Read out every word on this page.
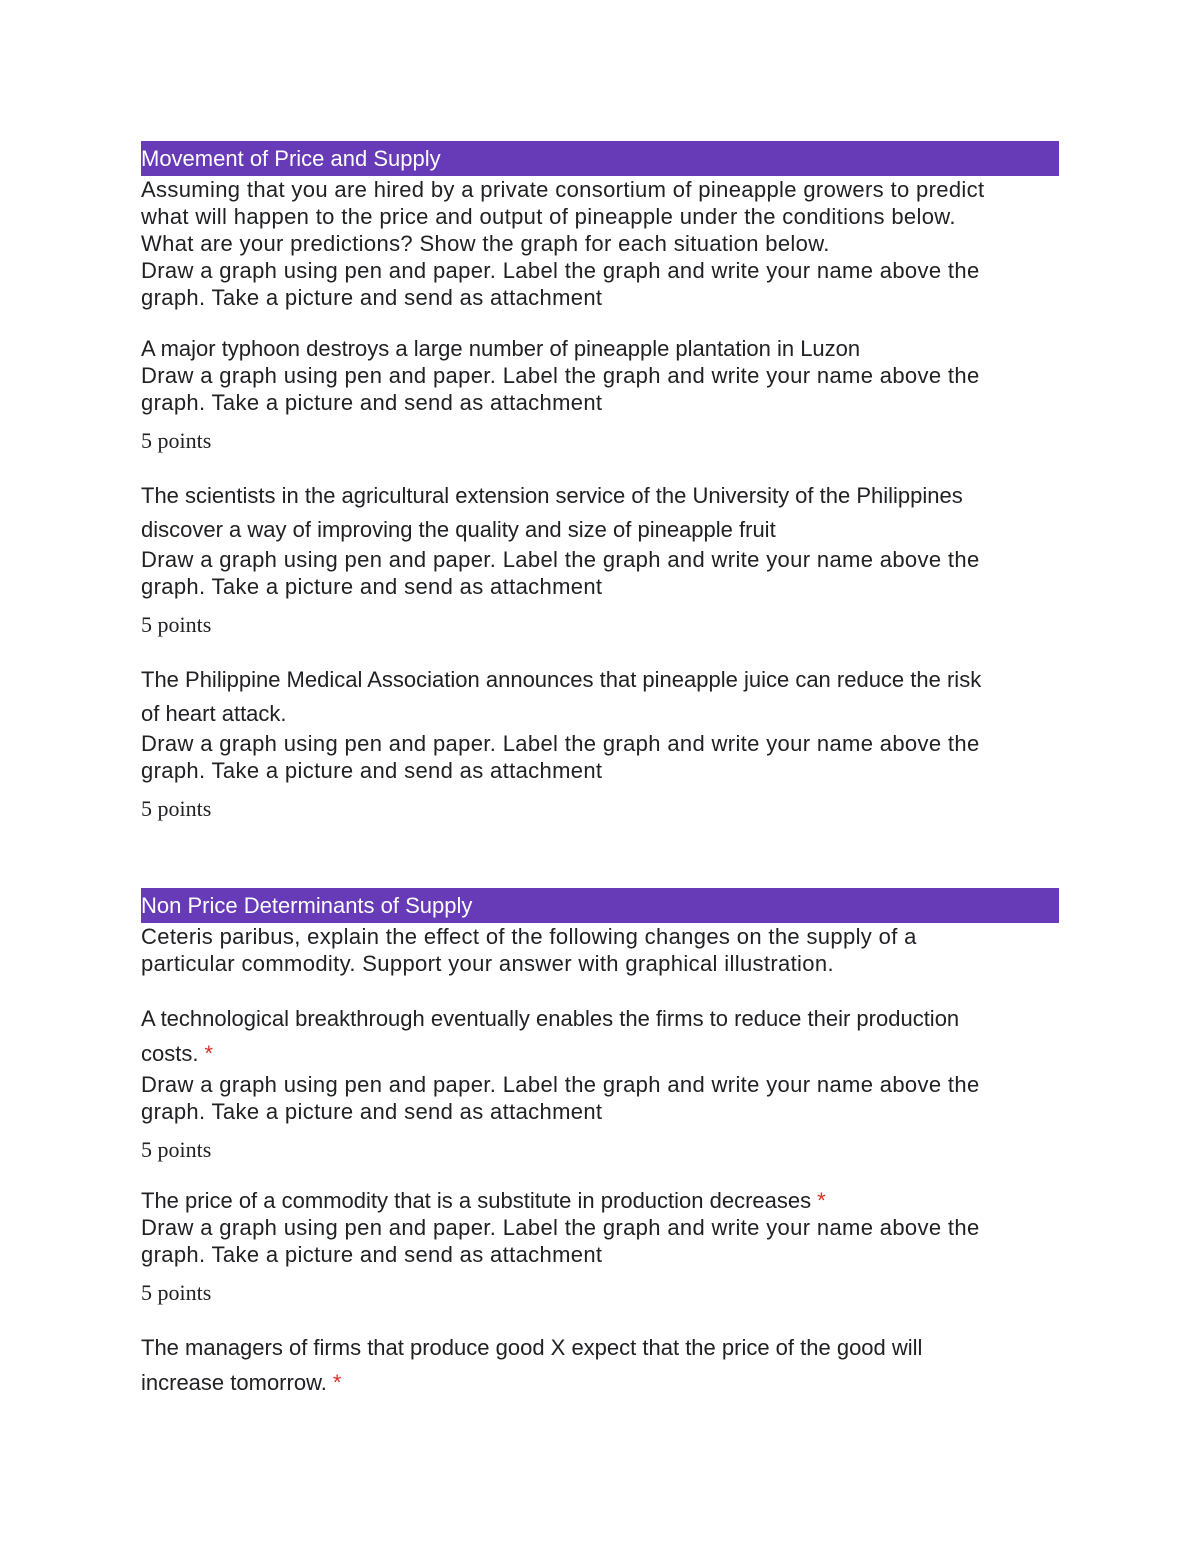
Movement of Price and Supply
Assuming that you are hired by a private consortium of pineapple growers to predict
what will happen to the price and output of pineapple under the conditions below.
What are your predictions? Show the graph for each situation below.
Draw a graph using pen and paper. Label the graph and write your name above the
graph. Take a picture and send as attachment
A major typhoon destroys a large number of pineapple plantation in Luzon
Draw a graph using pen and paper. Label the graph and write your name above the
graph. Take a picture and send as attachment
5 points
The scientists in the agricultural extension service of the University of the Philippines
discover a way of improving the quality and size of pineapple fruit
Draw a graph using pen and paper. Label the graph and write your name above the
graph. Take a picture and send as attachment
5 points
The Philippine Medical Association announces that pineapple juice can reduce the risk
of heart attack.
Draw a graph using pen and paper. Label the graph and write your name above the
graph. Take a picture and send as attachment
5 points
Non Price Determinants of Supply
Ceteris paribus, explain the effect of the following changes on the supply of a
particular commodity. Support your answer with graphical illustration.
A technological breakthrough eventually enables the firms to reduce their production
costs. *
Draw a graph using pen and paper. Label the graph and write your name above the
graph. Take a picture and send as attachment
5 points
The price of a commodity that is a substitute in production decreases *
Draw a graph using pen and paper. Label the graph and write your name above the
graph. Take a picture and send as attachment
5 points
The managers of firms that produce good X expect that the price of the good will
increase tomorrow. *
